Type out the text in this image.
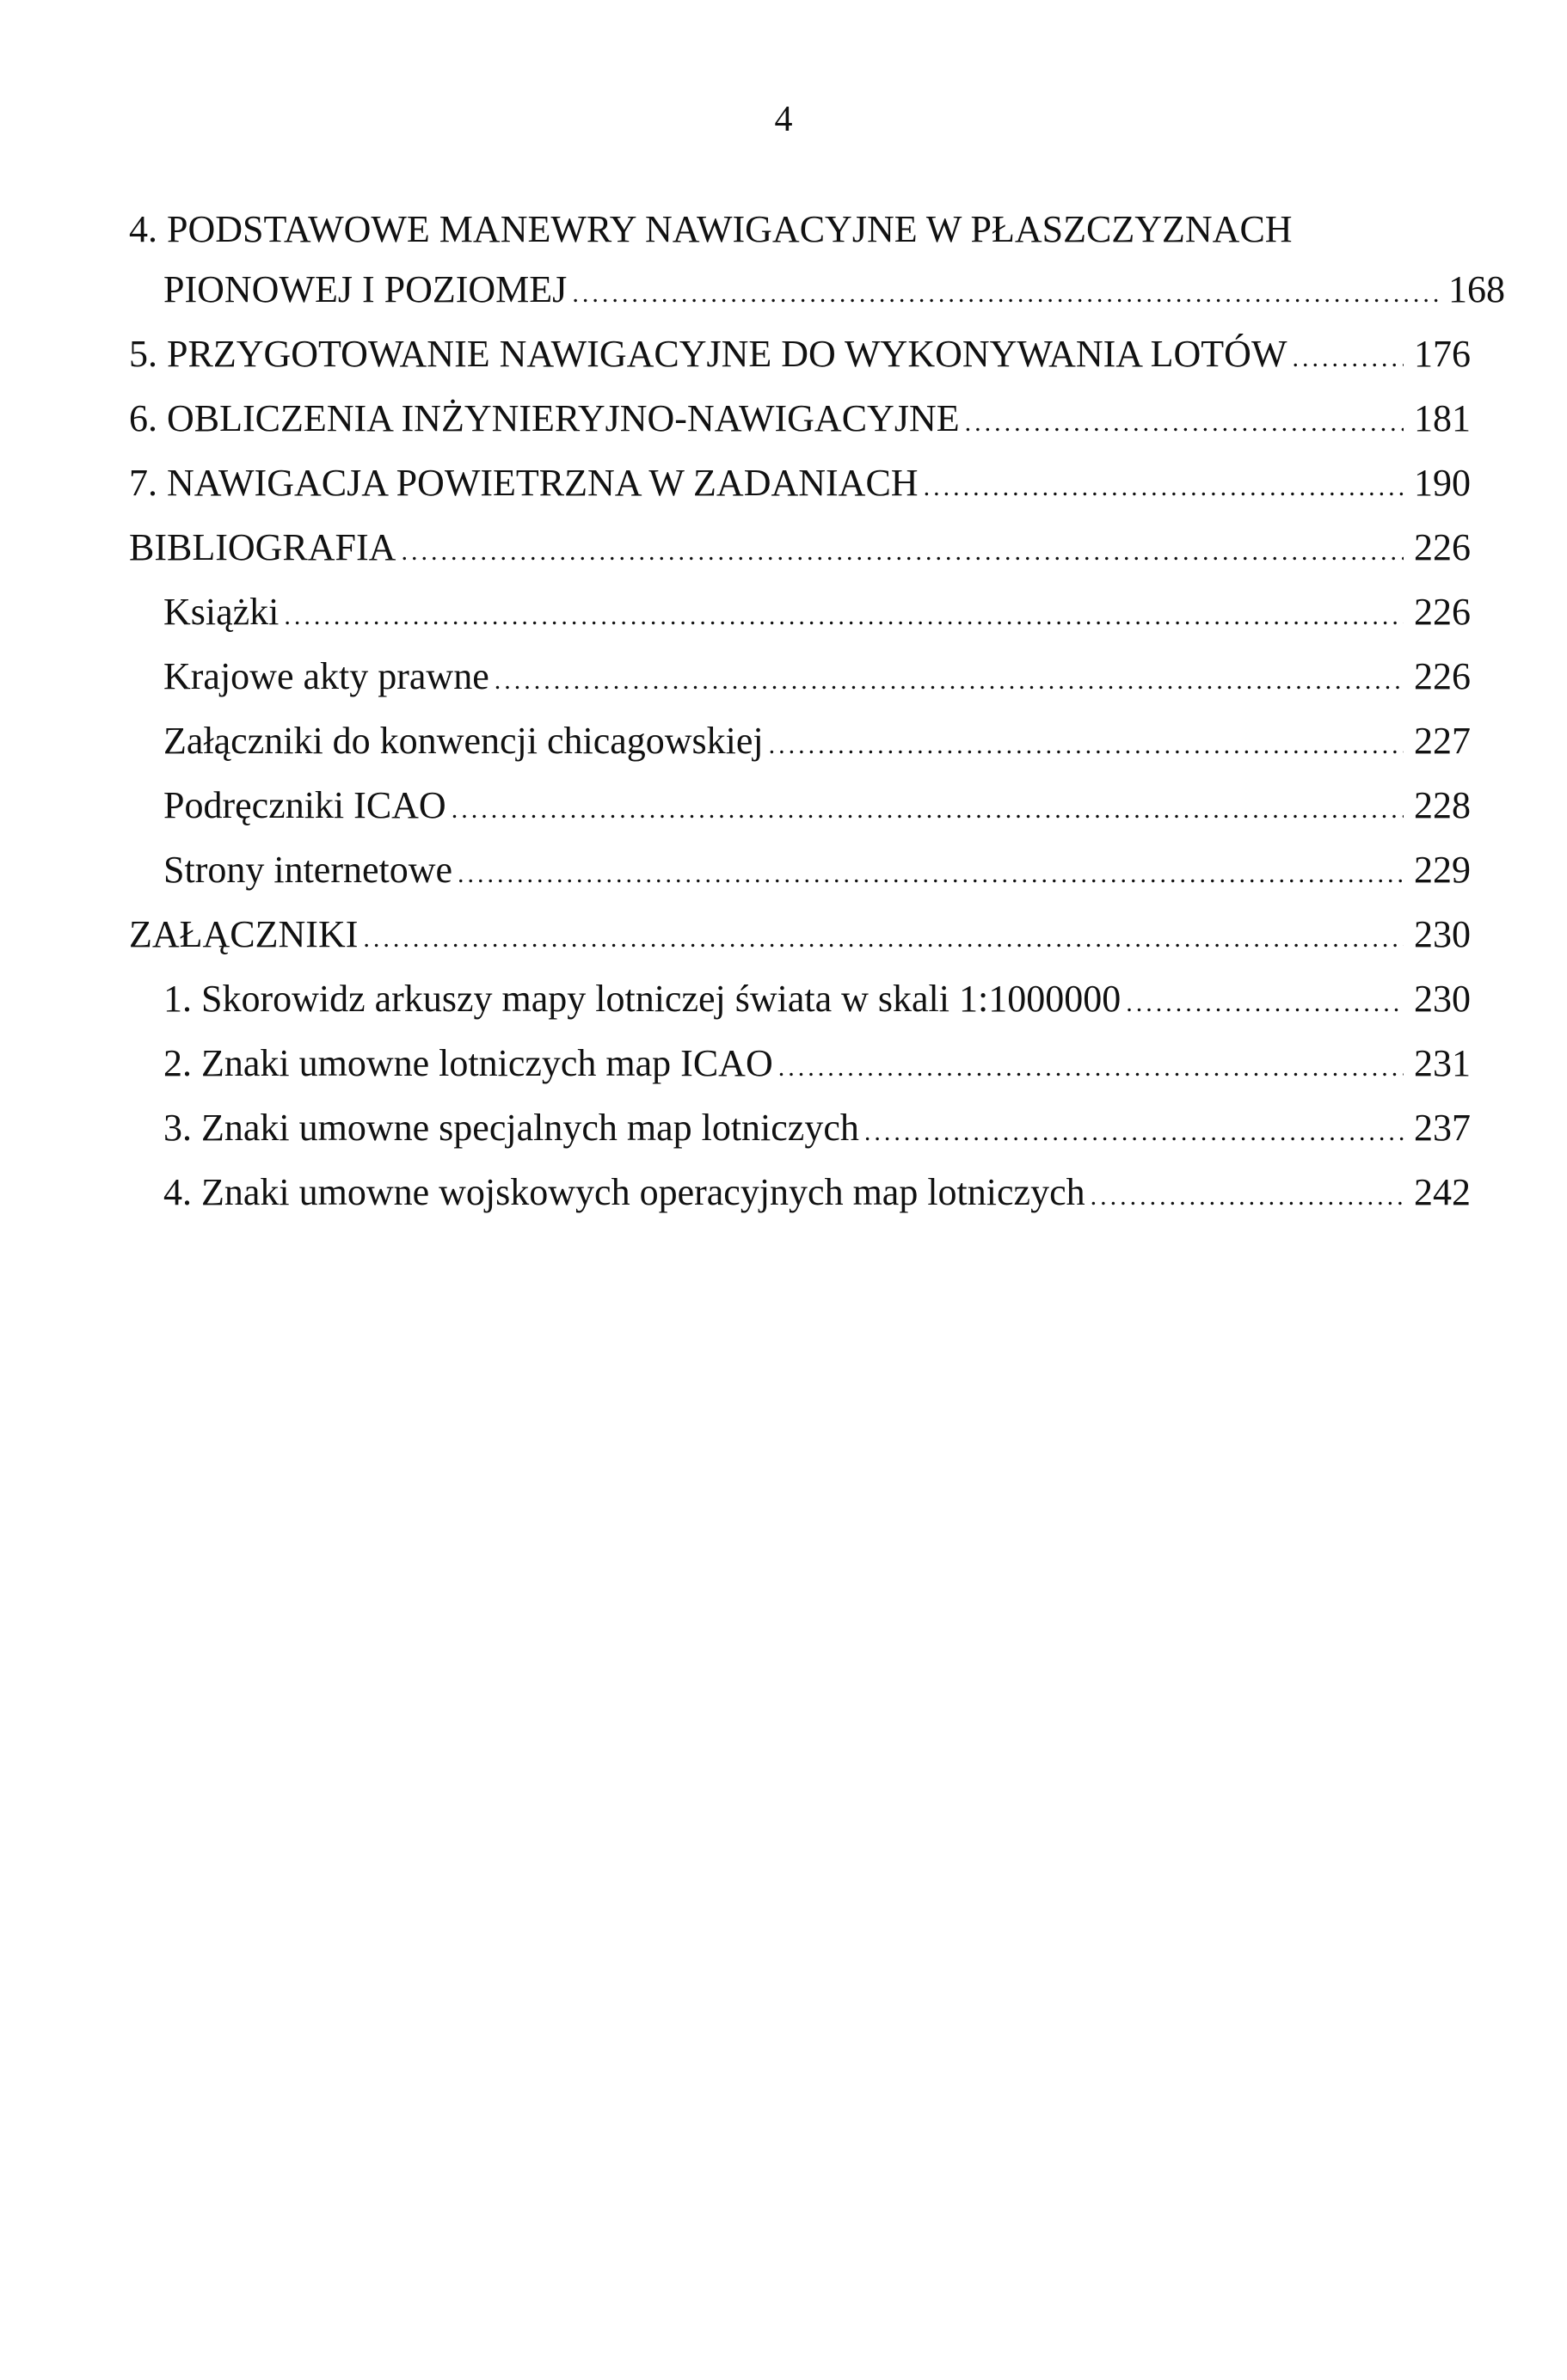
4
4. PODSTAWOWE MANEWRY NAWIGACYJNE W PŁASZCZYZNACH
PIONOWEJ I POZIOMEJ .....	168
5. PRZYGOTOWANIE NAWIGACYJNE DO WYKONYWANIA LOTÓW .....	176
6. OBLICZENIA INŻYNIERYJNO-NAWIGACYJNE .....	181
7. NAWIGACJA POWIETRZNA W ZADANIACH .....	190
BIBLIOGRAFIA .....	226
Książki .....	226
Krajowe akty prawne .....	226
Załączniki do konwencji chicagowskiej .....	227
Podręczniki ICAO .....	228
Strony internetowe .....	229
ZAŁĄCZNIKI .....	230
1. Skorowidz arkuszy mapy lotniczej świata w skali 1:1000000 .....	230
2. Znaki umowne lotniczych map ICAO .....	231
3. Znaki umowne specjalnych map lotniczych .....	237
4. Znaki umowne wojskowych operacyjnych map lotniczych .....	242
